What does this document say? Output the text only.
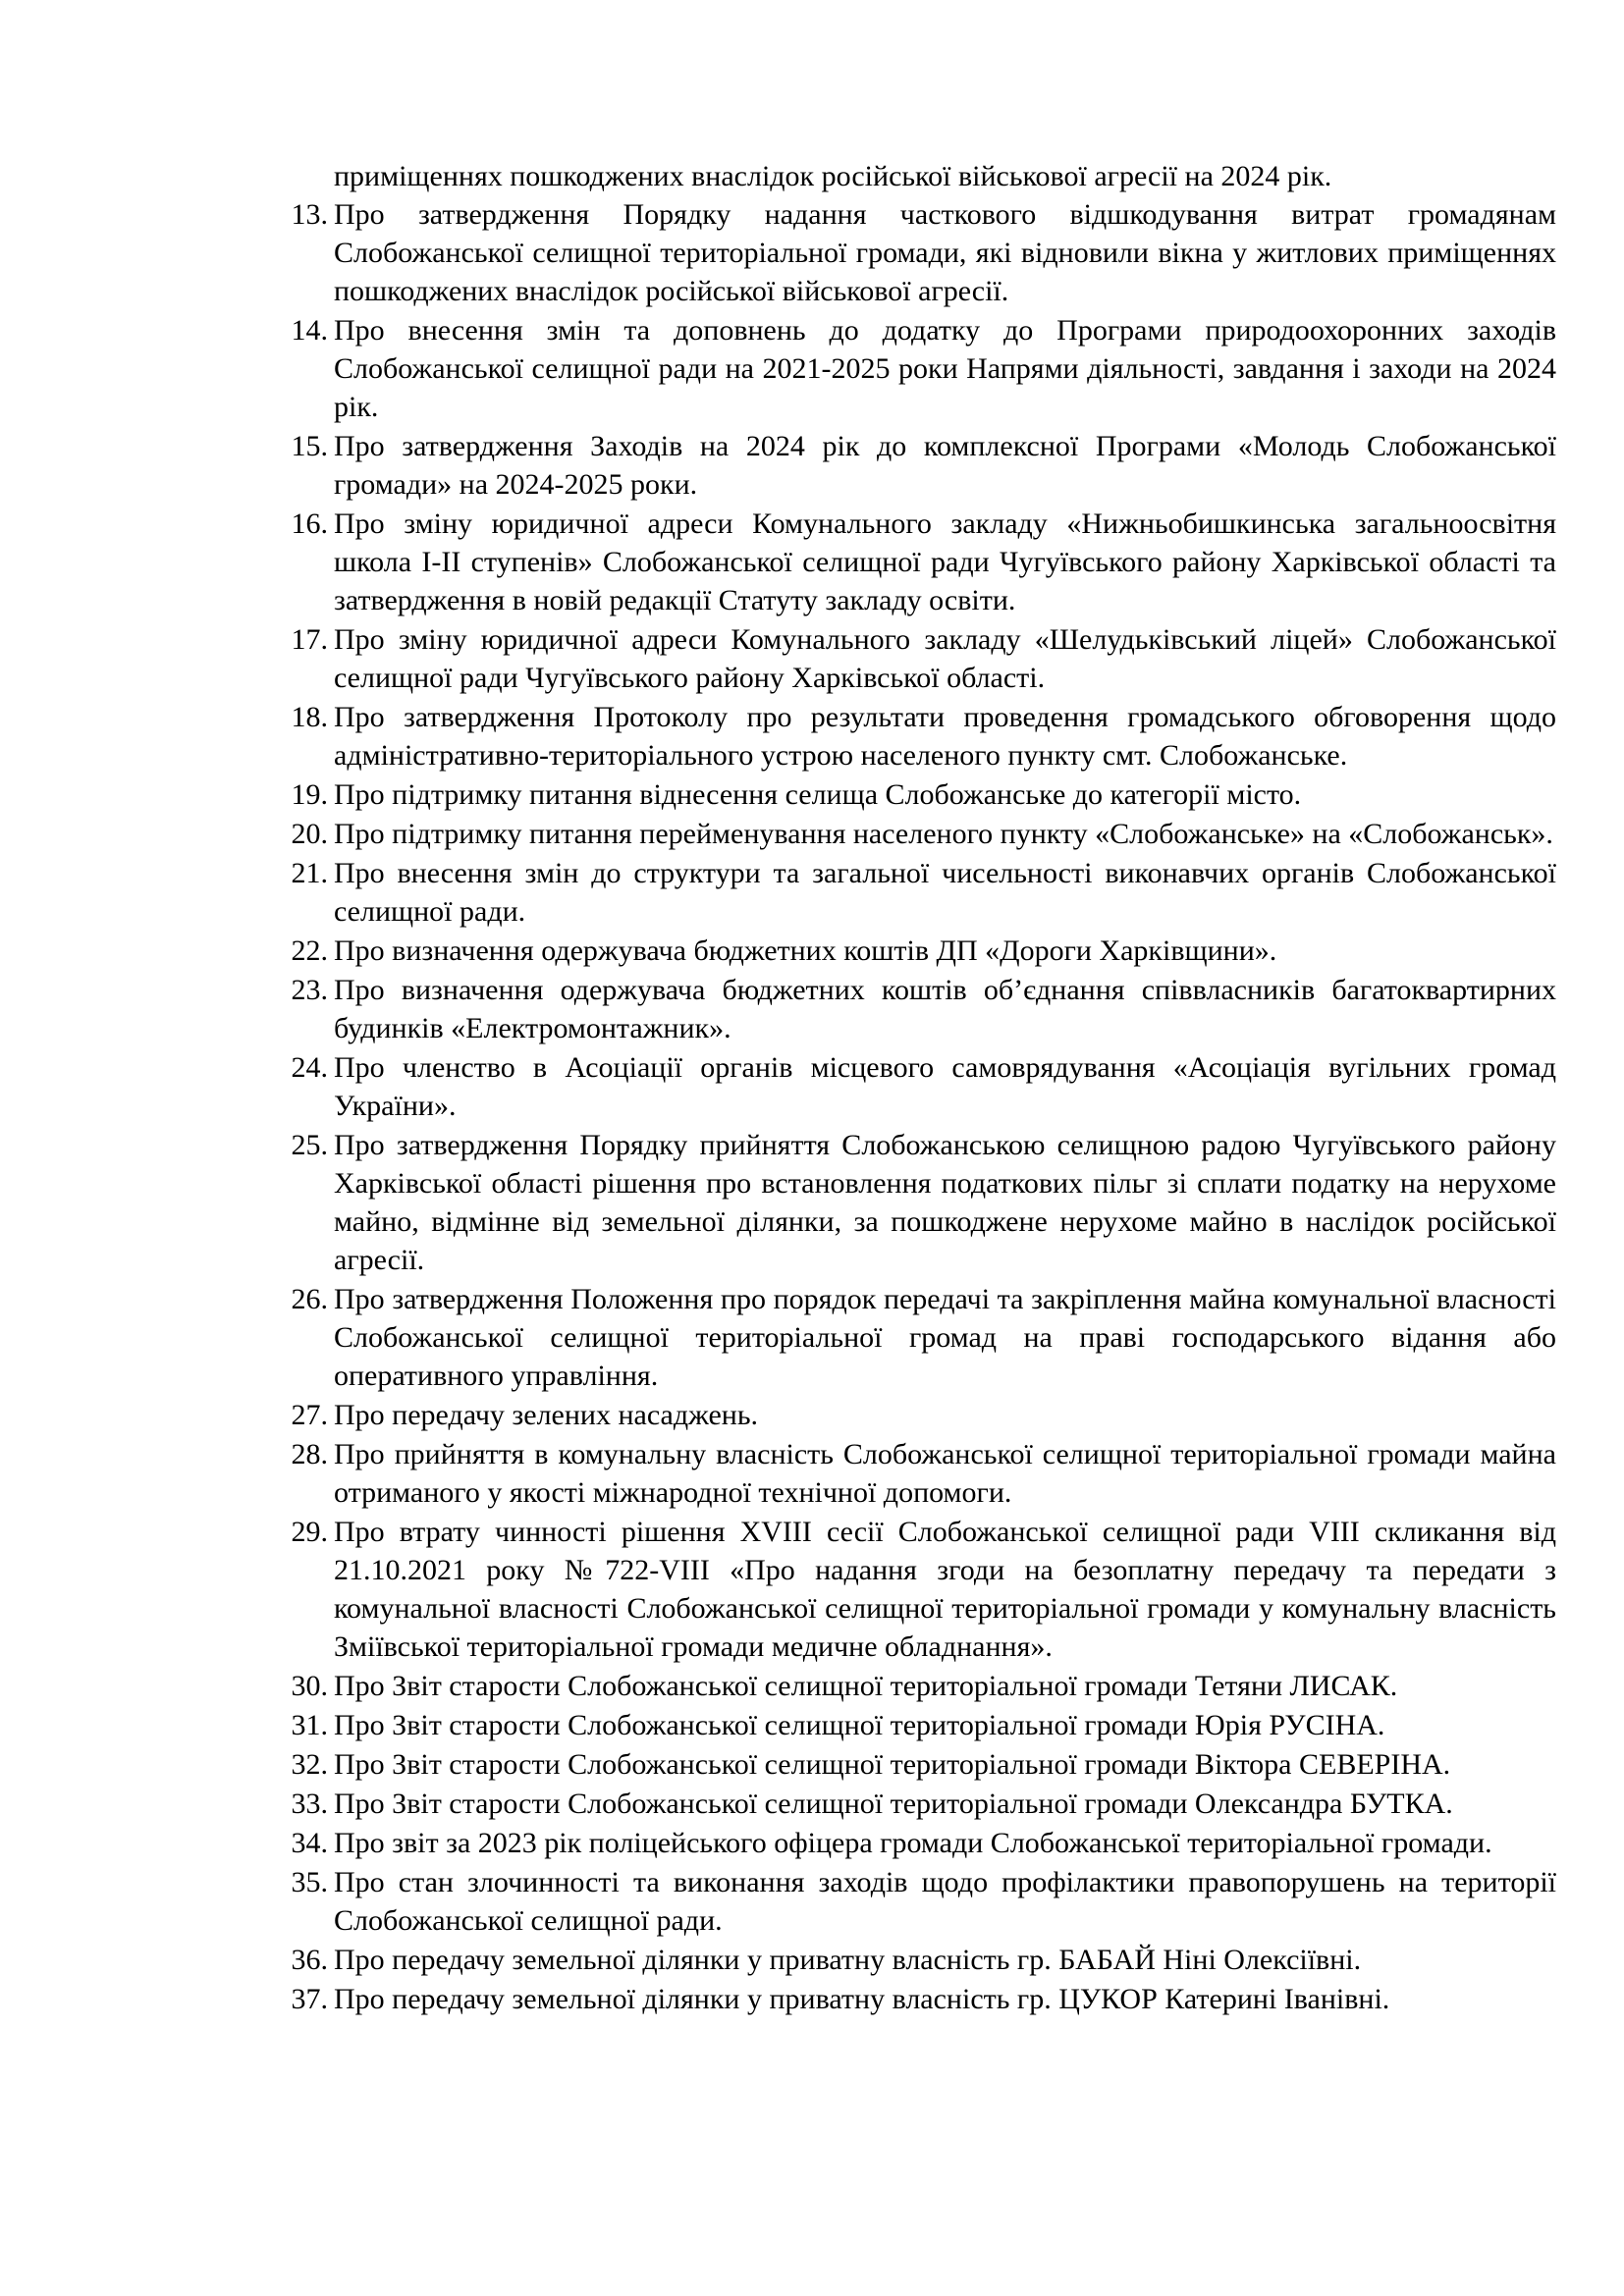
приміщеннях пошкоджених внаслідок російської військової агресії на 2024 рік.
13. Про затвердження Порядку надання часткового відшкодування витрат громадянам Слобожанської селищної територіальної громади, які відновили вікна у житлових приміщеннях пошкоджених внаслідок російської військової агресії.
14. Про внесення змін та доповнень до додатку до Програми природоохоронних заходів Слобожанської селищної ради на 2021-2025 роки Напрями діяльності, завдання і заходи на 2024 рік.
15. Про затвердження Заходів на 2024 рік до комплексної Програми «Молодь Слобожанської громади» на 2024-2025 роки.
16. Про зміну юридичної адреси Комунального закладу «Нижньобишкинська загальноосвітня школа І-ІІ ступенів» Слобожанської селищної ради Чугуївського району Харківської області та затвердження в новій редакції Статуту закладу освіти.
17. Про зміну юридичної адреси Комунального закладу «Шелудьківський ліцей» Слобожанської селищної ради Чугуївського району Харківської області.
18. Про затвердження Протоколу про результати проведення громадського обговорення щодо адміністративно-територіального устрою населеного пункту смт. Слобожанське.
19. Про підтримку питання віднесення селища Слобожанське до категорії місто.
20. Про підтримку питання перейменування населеного пункту «Слобожанське» на «Слобожанськ».
21. Про внесення змін до структури та загальної чисельності виконавчих органів Слобожанської селищної ради.
22. Про визначення одержувача бюджетних коштів ДП «Дороги Харківщини».
23. Про визначення одержувача бюджетних коштів об’єднання співвласників багатоквартирних будинків «Електромонтажник».
24. Про членство в Асоціації органів місцевого самоврядування «Асоціація вугільних громад України».
25. Про затвердження Порядку прийняття Слобожанською селищною радою Чугуївського району Харківської області рішення про встановлення податкових пільг зі сплати податку на нерухоме майно, відмінне від земельної ділянки, за пошкоджене нерухоме майно в наслідок російської агресії.
26. Про затвердження Положення про порядок передачі та закріплення майна комунальної власності Слобожанської селищної територіальної громад на праві господарського відання або оперативного управління.
27. Про передачу зелених насаджень.
28. Про прийняття в комунальну власність Слобожанської селищної територіальної громади майна отриманого у якості міжнародної технічної допомоги.
29. Про втрату чинності рішення XVIII сесії Слобожанської селищної ради VIII скликання від 21.10.2021 року №722-VIII «Про надання згоди на безоплатну передачу та передати з комунальної власності Слобожанської селищної територіальної громади у комунальну власність Зміївської територіальної громади медичне обладнання».
30. Про Звіт старости Слобожанської селищної територіальної громади Тетяни ЛИСАК.
31. Про Звіт старости Слобожанської селищної територіальної громади Юрія РУСІНА.
32. Про Звіт старости Слобожанської селищної територіальної громади Віктора СЕВЕРІНА.
33. Про Звіт старости Слобожанської селищної територіальної громади Олександра БУТКА.
34. Про звіт за 2023 рік поліцейського офіцера громади Слобожанської територіальної громади.
35. Про стан злочинності та виконання заходів щодо профілактики правопорушень на території Слобожанської селищної ради.
36. Про передачу земельної ділянки у приватну власність гр. БАБАЙ Ніні Олексіївні.
37. Про передачу земельної ділянки у приватну власність гр. ЦУКОР Катерині Іванівні.
